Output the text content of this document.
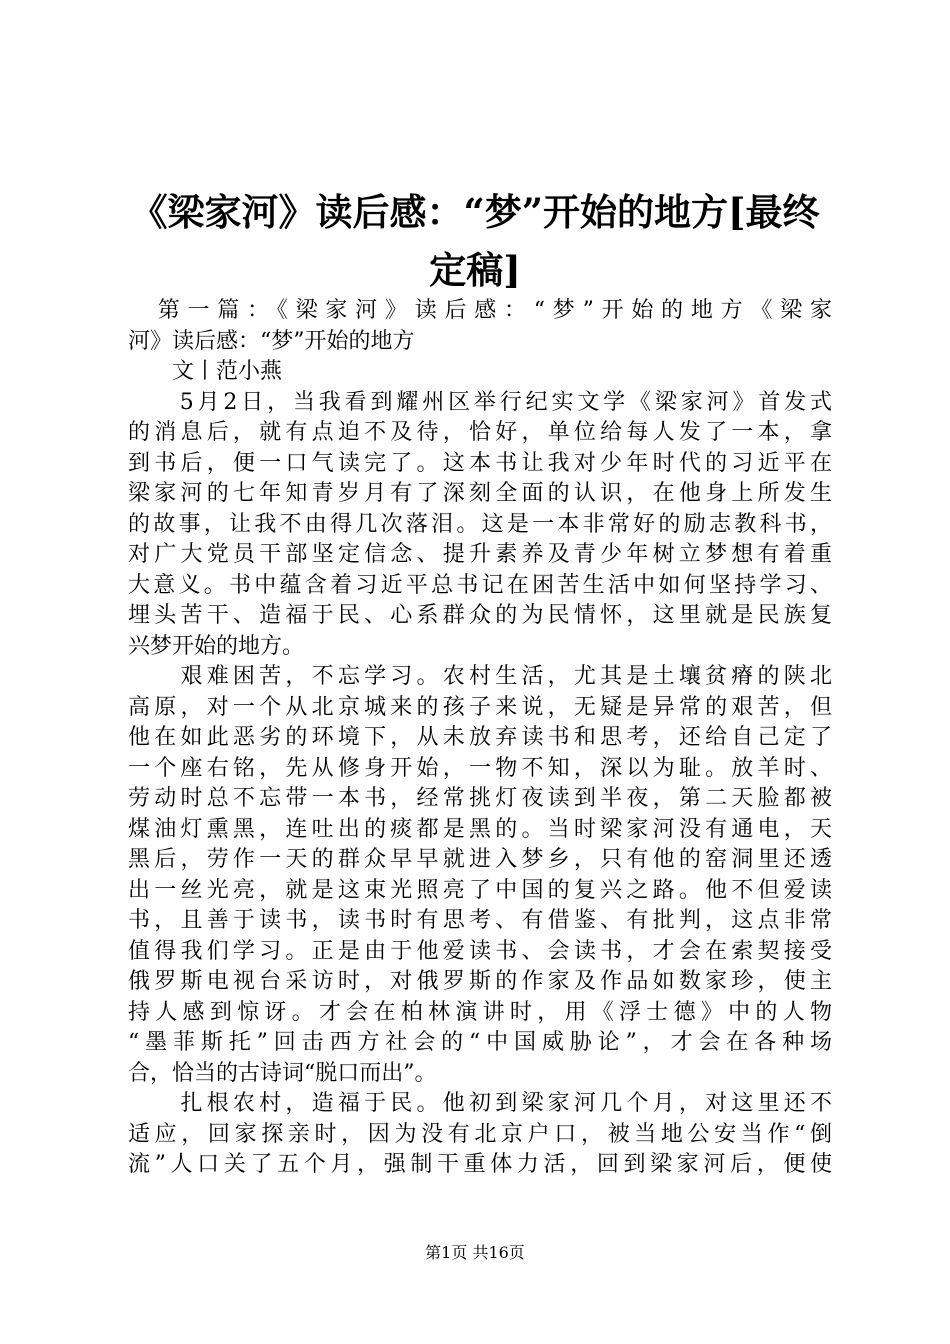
《梁家河》读后感：“梦”开始的地方[最终
定稿]
　第一篇：《梁家河》读后感：“梦”开始的地方《梁家
河》读后感：“梦”开始的地方
　　文丨范小燕
　　5月2日，当我看到耀州区举行纪实文学《梁家河》首发式
的消息后，就有点迫不及待，恰好，单位给每人发了一本，拿
到书后，便一口气读完了。这本书让我对少年时代的习近平在
梁家河的七年知青岁月有了深刻全面的认识，在他身上所发生
的故事，让我不由得几次落泪。这是一本非常好的励志教科书，
对广大党员干部坚定信念、提升素养及青少年树立梦想有着重
大意义。书中蕴含着习近平总书记在困苦生活中如何坚持学习、
埋头苦干、造福于民、心系群众的为民情怀，这里就是民族复
兴梦开始的地方。
　　艰难困苦，不忘学习。农村生活，尤其是土壤贫瘠的陕北
高原，对一个从北京城来的孩子来说，无疑是异常的艰苦，但
他在如此恶劣的环境下，从未放弃读书和思考，还给自己定了
一个座右铭，先从修身开始，一物不知，深以为耻。放羊时、
劳动时总不忘带一本书，经常挑灯夜读到半夜，第二天脸都被
煤油灯熏黑，连吐出的痰都是黑的。当时梁家河没有通电，天
黑后，劳作一天的群众早早就进入梦乡，只有他的窑洞里还透
出一丝光亮，就是这束光照亮了中国的复兴之路。他不但爱读
书，且善于读书，读书时有思考、有借鉴、有批判，这点非常
值得我们学习。正是由于他爱读书、会读书，才会在索契接受
俄罗斯电视台采访时，对俄罗斯的作家及作品如数家珍，使主
持人感到惊讶。才会在柏林演讲时，用《浮士德》中的人物
“墨菲斯托”回击西方社会的“中国威胁论”，才会在各种场
合，恰当的古诗词“脱口而出”。
　　扎根农村，造福于民。他初到梁家河几个月，对这里还不
适应，回家探亲时，因为没有北京户口，被当地公安当作“倒
流”人口关了五个月，强制干重体力活，回到梁家河后，便使
第1页 共16页
